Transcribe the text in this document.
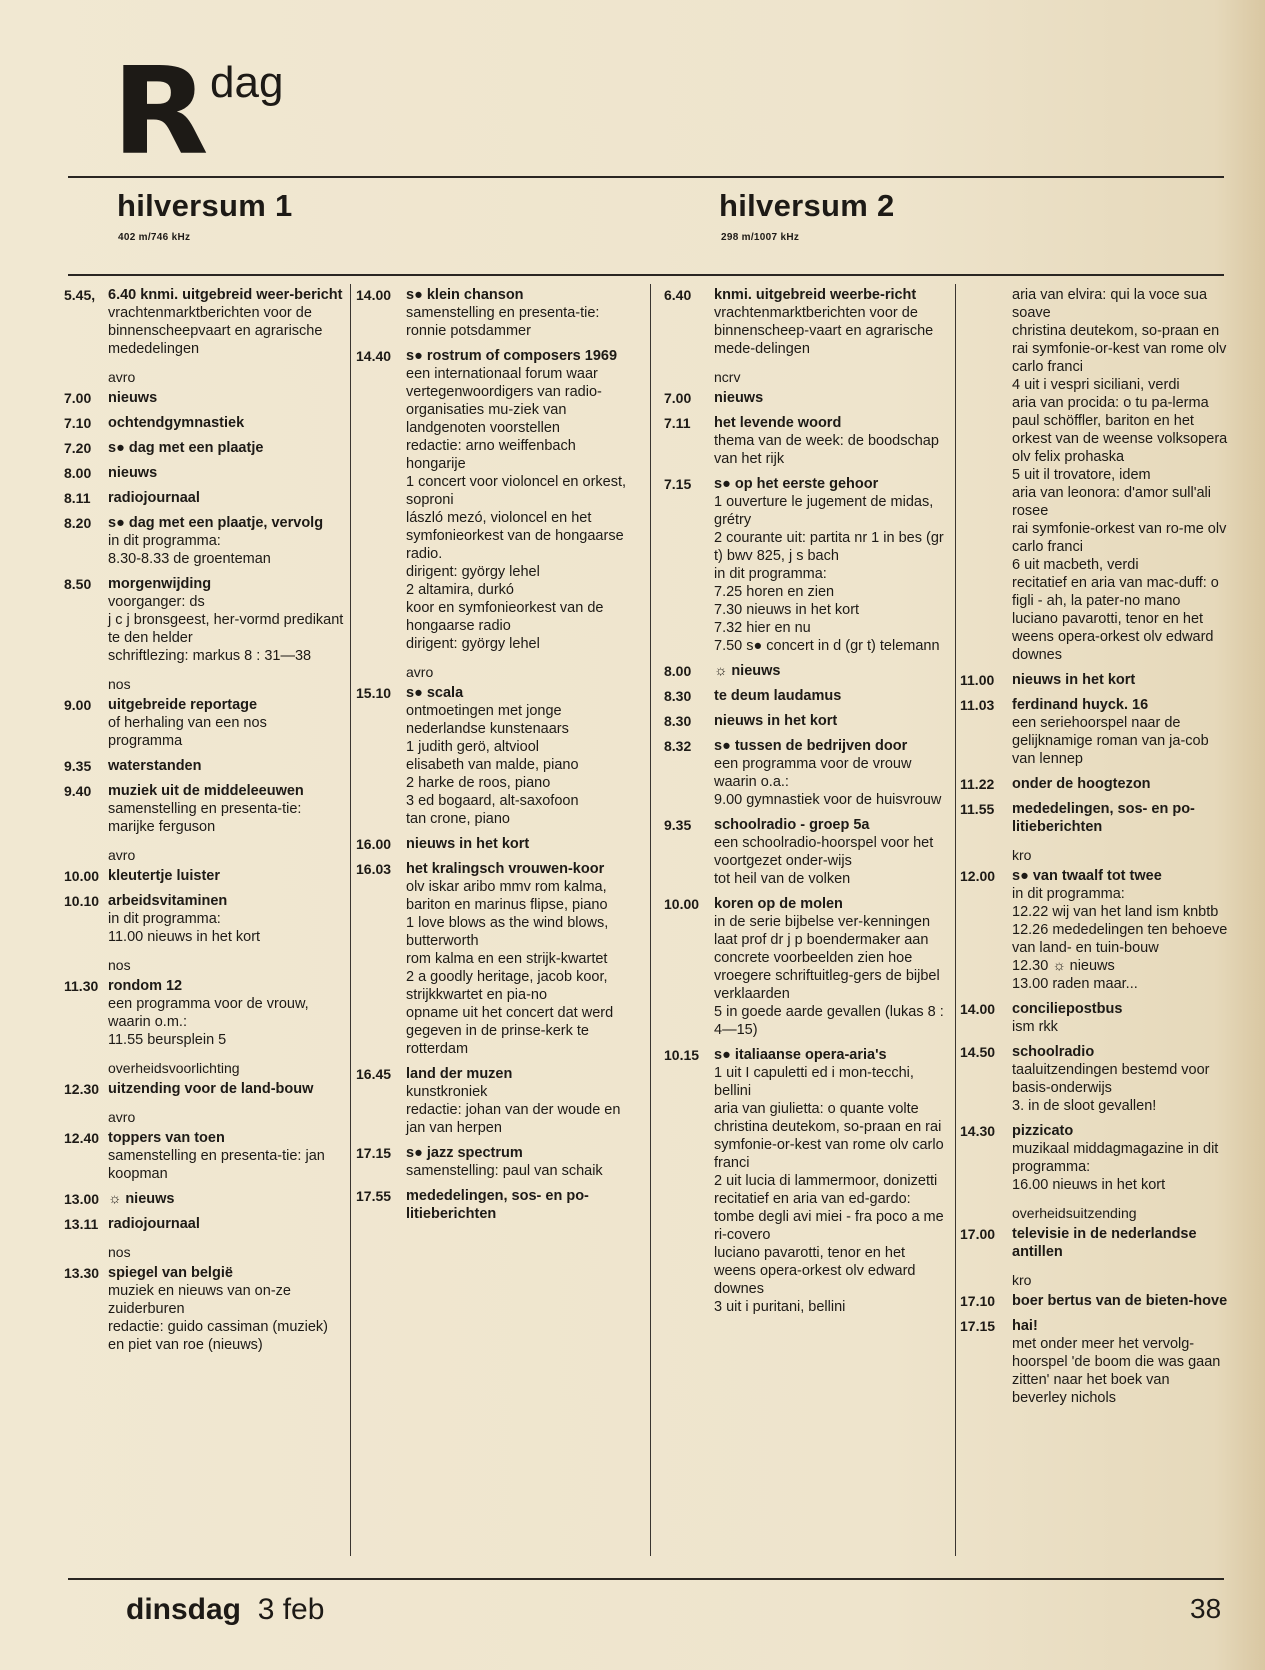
R dag
hilversum 1
402 m/746 kHz
hilversum 2
298 m/1007 kHz
5.45, 6.40 knmi. uitgebreid weer-bericht
vrachtenmarktberichten voor de binnenscheepvaart en agrarische mededelingen
avro
7.00	nieuws
7.10	ochtendgymnastiek
7.20	s● dag met een plaatje
8.00	nieuws
8.11	radiojournaal
8.20	s● dag met een plaatje, vervolg
in dit programma:
8.30-8.33 de groenteman
8.50	morgenwijding
voorganger: ds
j c j bronsgeest, her-vormd predikant te den helder
schriftlezing: markus 8 : 31—38
nos
9.00	uitgebreide reportage
of herhaling van een nos programma
9.35	waterstanden
9.40	muziek uit de middeleeuwen
samenstelling en presenta-tie: marijke ferguson
avro
10.00 kleutertje luister
10.10 arbeidsvitaminen
in dit programma:
11.00 nieuws in het kort
nos
11.30 rondom 12
een programma voor de vrouw, waarin o.m.:
11.55 beursplein 5
overheidsvoorlichting
12.30 uitzending voor de land-bouw
avro
12.40 toppers van toen
samenstelling en presenta-tie: jan koopman
13.00 ☼ nieuws
13.11 radiojournaal
nos
13.30 spiegel van belgië
muziek en nieuws van on-ze zuiderburen
redactie: guido cassiman (muziek) en piet van roe (nieuws)
14.00	s● klein chanson
samenstelling en presenta-tie: ronnie potsdammer
14.40	s● rostrum of composers 1969
een internationaal forum waar vertegenwoordigers van radio-organisaties mu-ziek van landgenoten voorstellen
redactie: arno weiffenbach hongarije
1 concert voor violoncel en orkest, soproni
lászló mezó, violoncel en het symfonieorkest van de hongaarse radio.
dirigent: györgy lehel
2 altamira, durkó
koor en symfonieorkest van de hongaarse radio
dirigent: györgy lehel
avro
15.10	s● scala
ontmoetingen met jonge nederlandse kunstenaars
1 judith gerö, altviool
elisabeth van malde, piano
2 harke de roos, piano
3 ed bogaard, alt-saxofoon
tan crone, piano
16.00	nieuws in het kort
16.03	het kralingsch vrouwen-koor
olv iskar aribo mmv rom kalma, bariton en marinus flipse, piano
1 love blows as the wind blows, butterworth
rom kalma en een strijk-kwartet
2 a goodly heritage, jacob koor, strijkkwartet en pia-no
opname uit het concert dat werd gegeven in de prinse-kerk te rotterdam
16.45	land der muzen
kunstkroniek
redactie: johan van der woude en jan van herpen
17.15	s● jazz spectrum
samenstelling: paul van schaik
17.55	mededelingen, sos- en po-litieberichten
6.40	knmi. uitgebreid weerbe-richt
vrachtenmarktberichten voor de binnenscheep-vaart en agrarische mede-delingen
ncrv
7.00	nieuws
7.11	het levende woord
thema van de week: de boodschap van het rijk
7.15	s● op het eerste gehoor
1 ouverture le jugement de midas, grétry
2 courante uit: partita nr 1 in bes (gr t) bwv 825, j s bach
in dit programma:
7.25 horen en zien
7.30 nieuws in het kort
7.32 hier en nu
7.50 s● concert in d (gr t) telemann
8.00	☼ nieuws
8.30	te deum laudamus
8.30	nieuws in het kort
8.32	s● tussen de bedrijven door
een programma voor de vrouw waarin o.a.:
9.00 gymnastiek voor de huisvrouw
9.35	schoolradio - groep 5a
een schoolradio-hoorspel voor het voortgezet onder-wijs
tot heil van de volken
10.00	koren op de molen
in de serie bijbelse ver-kenningen laat prof dr j p boendermaker aan concrete voorbeelden zien hoe vroegere schriftuitleg-gers de bijbel verklaarden
5 in goede aarde gevallen (lukas 8 : 4—15)
10.15	s● italiaanse opera-aria's
1 uit I capuletti ed i mon-tecchi, bellini
aria van giulietta: o quante volte
christina deutekom, so-praan en rai symfonie-or-kest van rome olv carlo franci
2 uit lucia di lammermoor, donizetti
recitatief en aria van ed-gardo: tombe degli avi miei - fra poco a me ri-covero
luciano pavarotti, tenor en het weens opera-orkest olv edward downes
3 uit i puritani, bellini
aria van elvira: qui la voce sua soave
christina deutekom, so-praan en rai symfonie-or-kest van rome olv carlo franci
4 uit i vespri siciliani, verdi
aria van procida: o tu pa-lerma
paul schöffler, bariton en het orkest van de weense volksopera olv felix prohaska
5 uit il trovatore, idem
aria van leonora: d'amor sull'ali rosee
rai symfonie-orkest van ro-me olv carlo franci
6 uit macbeth, verdi
recitatief en aria van mac-duff: o figli - ah, la pater-no mano
luciano pavarotti, tenor en het weens opera-orkest olv edward downes
11.00	nieuws in het kort
11.03	ferdinand huyck. 16
een seriehoorspel naar de gelijknamige roman van ja-cob van lennep
11.22	onder de hoogtezon
11.55	mededelingen, sos- en po-litieberichten
kro
12.00	s● van twaalf tot twee
in dit programma:
12.22 wij van het land ism knbtb
12.26 mededelingen ten behoeve van land- en tuin-bouw
12.30 ☼ nieuws
13.00 raden maar...
14.00	conciliepostbus
ism rkk
14.50	schoolradio
taaluitzendingen bestemd voor basis-onderwijs
3. in de sloot gevallen!
14.30	pizzicato
muzikaal middagmagazine in dit programma:
16.00 nieuws in het kort
overheidsuitzending
17.00	televisie in de nederlandse antillen
kro
17.10	boer bertus van de bieten-hove
17.15	hai!
met onder meer het vervolg-hoorspel 'de boom die was gaan zitten' naar het boek van beverley nichols
dinsdag 3 feb	38
